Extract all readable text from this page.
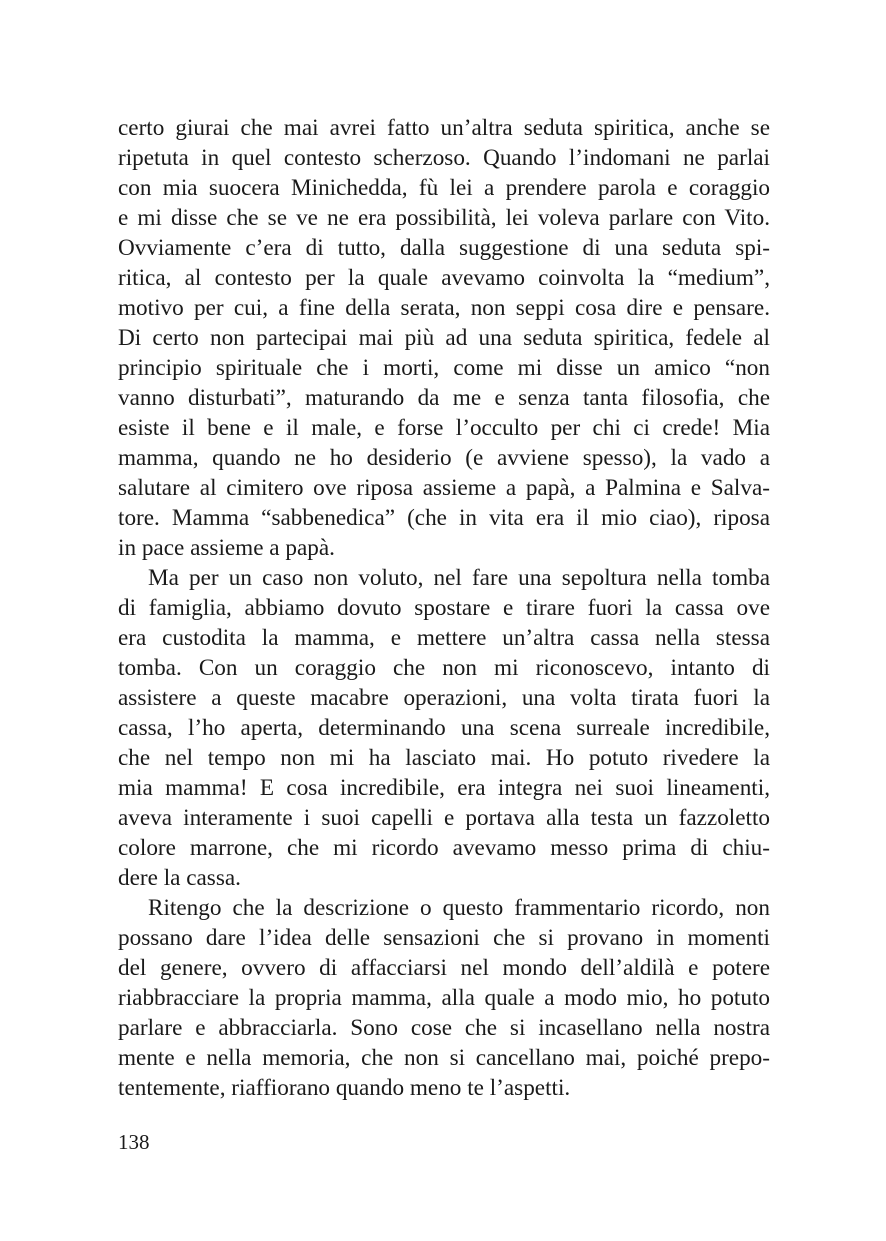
certo giurai che mai avrei fatto un’altra seduta spiritica, anche se
ripetuta in quel contesto scherzoso. Quando l’indomani ne parlai
con mia suocera Minichedda, fù lei a prendere parola e coraggio
e mi disse che se ve ne era possibilità, lei voleva parlare con Vito.
Ovviamente c’era di tutto, dalla suggestione di una seduta spi-
ritica, al contesto per la quale avevamo coinvolta la “medium”,
motivo per cui, a fine della serata, non seppi cosa dire e pensare.
Di certo non partecipai mai più ad una seduta spiritica, fedele al
principio spirituale che i morti, come mi disse un amico “non
vanno disturbati”, maturando da me e senza tanta filosofia, che
esiste il bene e il male, e forse l’occulto per chi ci crede! Mia
mamma, quando ne ho desiderio (e avviene spesso), la vado a
salutare al cimitero ove riposa assieme a papà, a Palmina e Salva-
tore. Mamma “sabbenedica” (che in vita era il mio ciao), riposa
in pace assieme a papà.
Ma per un caso non voluto, nel fare una sepoltura nella tomba
di famiglia, abbiamo dovuto spostare e tirare fuori la cassa ove
era custodita la mamma, e mettere un’altra cassa nella stessa
tomba. Con un coraggio che non mi riconoscevo, intanto di
assistere a queste macabre operazioni, una volta tirata fuori la
cassa, l’ho aperta, determinando una scena surreale incredibile,
che nel tempo non mi ha lasciato mai. Ho potuto rivedere la
mia mamma! E cosa incredibile, era integra nei suoi lineamenti,
aveva interamente i suoi capelli e portava alla testa un fazzoletto
colore marrone, che mi ricordo avevamo messo prima di chiu-
dere la cassa.
Ritengo che la descrizione o questo frammentario ricordo, non
possano dare l’idea delle sensazioni che si provano in momenti
del genere, ovvero di affacciarsi nel mondo dell’aldilà e potere
riabbracciare la propria mamma, alla quale a modo mio, ho potuto
parlare e abbracciarla. Sono cose che si incasellano nella nostra
mente e nella memoria, che non si cancellano mai, poiché prepo-
tentemente, riaffiorano quando meno te l’aspetti.
138
